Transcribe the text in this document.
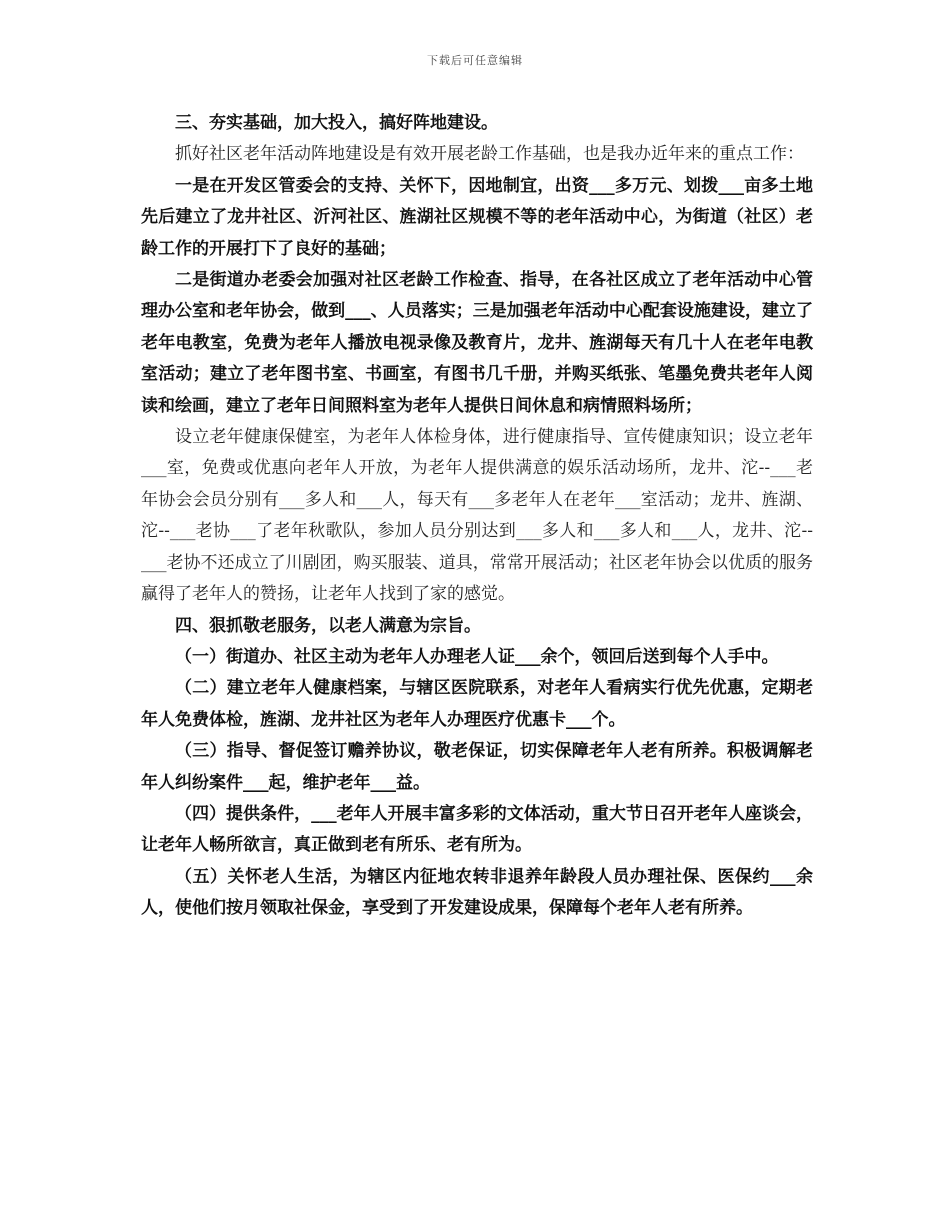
下载后可任意编辑

三、夯实基础，加大投入，搞好阵地建设。

抓好社区老年活动阵地建设是有效开展老龄工作基础，也是我办近年来的重点工作：

一是在开发区管委会的支持、关怀下，因地制宜，出资___多万元、划拨___亩多土地先后建立了龙井社区、沂河社区、旌湖社区规模不等的老年活动中心，为街道（社区）老龄工作的开展打下了良好的基础；

二是街道办老委会加强对社区老龄工作检查、指导，在各社区成立了老年活动中心管理办公室和老年协会，做到___、人员落实；三是加强老年活动中心配套设施建设，建立了老年电教室，免费为老年人播放电视录像及教育片，龙井、旌湖每天有几十人在老年电教室活动；建立了老年图书室、书画室，有图书几千册，并购买纸张、笔墨免费共老年人阅读和绘画，建立了老年日间照料室为老年人提供日间休息和病情照料场所；

设立老年健康保健室，为老年人体检身体，进行健康指导、宣传健康知识；设立老年___室，免费或优惠向老年人开放，为老年人提供满意的娱乐活动场所，龙井、沱--___老年协会会员分别有___多人和___人，每天有___多老年人在老年___室活动；龙井、旌湖、沱--___老协___了老年秋歌队，参加人员分别达到___多人和___多人和___人，龙井、沱--___老协不还成立了川剧团，购买服装、道具，常常开展活动；社区老年协会以优质的服务赢得了老年人的赞扬，让老年人找到了家的感觉。

四、狠抓敬老服务，以老人满意为宗旨。

（一）街道办、社区主动为老年人办理老人证___余个，领回后送到每个人手中。

（二）建立老年人健康档案，与辖区医院联系，对老年人看病实行优先优惠，定期老年人免费体检，旌湖、龙井社区为老年人办理医疗优惠卡___个。

（三）指导、督促签订赡养协议，敬老保证，切实保障老年人老有所养。积极调解老年人纠纷案件___起，维护老年___益。

（四）提供条件，___老年人开展丰富多彩的文体活动，重大节日召开老年人座谈会，让老年人畅所欲言，真正做到老有所乐、老有所为。

（五）关怀老人生活，为辖区内征地农转非退养年龄段人员办理社保、医保约___余人，使他们按月领取社保金，享受到了开发建设成果，保障每个老年人老有所养。
